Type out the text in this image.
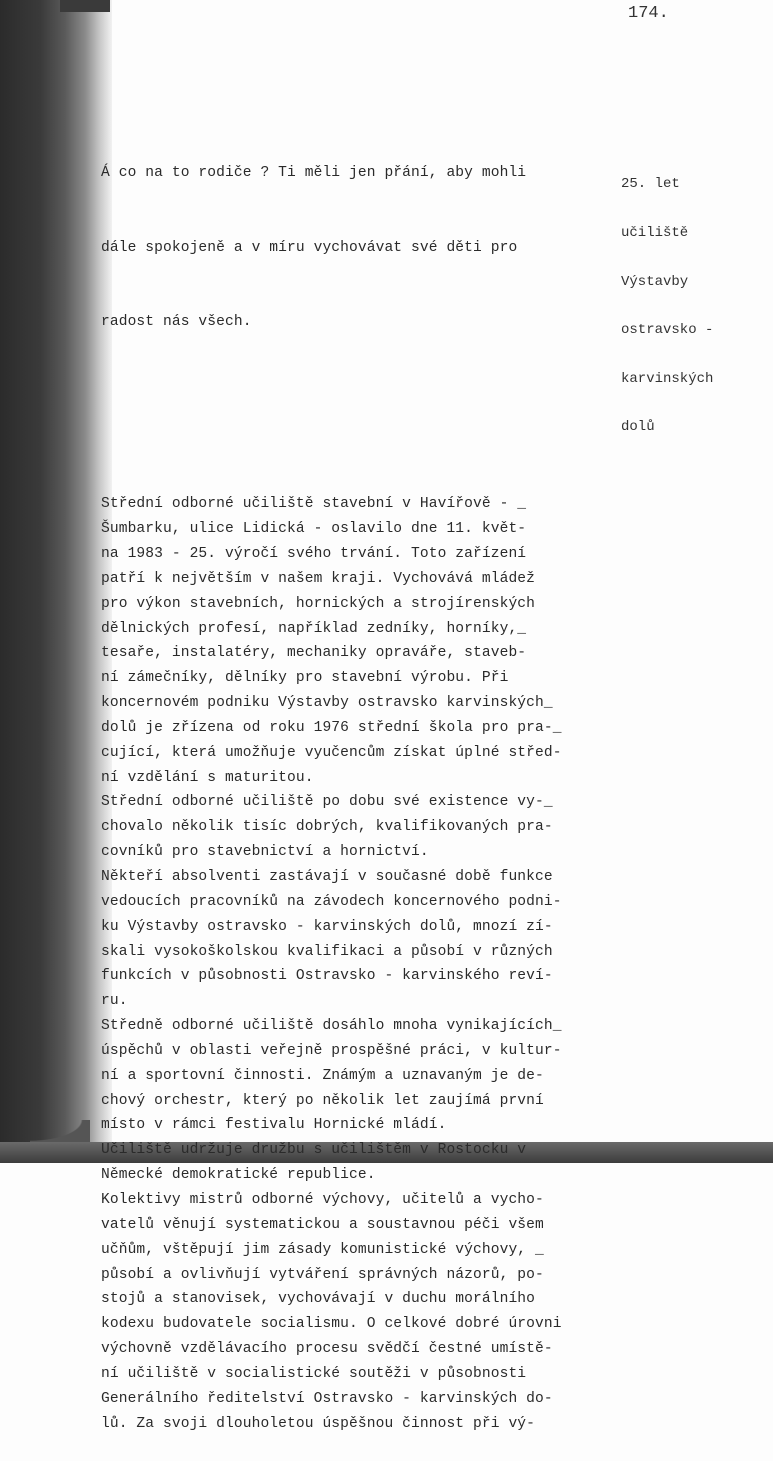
174.

Á co na to rodiče ? Ti měli jen přání, aby mohli

dále spokojeně a v míru vychovávat své děti pro

radost nás všech.

Střední odborné učiliště stavební v Havířově - _
Šumbarku, ulice Lidická - oslavilo dne 11. květ-
na 1983 - 25. výročí svého trvání. Toto zařízení
patří k největším v našem kraji. Vychovává mládež
pro výkon stavebních, hornických a strojírenských
dělnických profesí, například zedníky, horníky,_
tesaře, instalatéry, mechaniky opraváře, staveb-
ní zámečníky, dělníky pro stavební výrobu. Při
koncernovém podniku Výstavby ostravsko karvinských_
dolů je zřízena od roku 1976 střední škola pro pra-_
cující, která umožňuje vyučencům získat úplné střed-
ní vzdělání s maturitou.
Střední odborné učiliště po dobu své existence vy-_
chovalo několik tisíc dobrých, kvalifikovaných pra-
covníků pro stavebnictví a hornictví.
Někteří absolventi zastávají v současné době funkce
vedoucích pracovníků na závodech koncernového podni-
ku Výstavby ostravsko - karvinských dolů, mnozí zí-
skali vysokoškolskou kvalifikaci a působí v různých
funkcích v působnosti Ostravsko - karvinského reví-
ru.
Středně odborné učiliště dosáhlo mnoha vynikajících_
úspěchů v oblasti veřejně prospěšné práci, v kultur-
ní a sportovní činnosti. Známým a uznavaným je de-
chový orchestr, který po několik let zaujímá první
místo v rámci festivalu Hornické mládí.
Učiliště udržuje družbu s učilištěm v Rostocku v
Německé demokratické republice.
Kolektivy mistrů odborné výchovy, učitelů a vycho-
vatelů věnují systematickou a soustavnou péči všem
učňům, vštěpují jim zásady komunistické výchovy, _
působí a ovlivňují vytváření správných názorů, po-
stojů a stanovisek, vychovávají v duchu morálního
kodexu budovatele socialismu. O celkové dobré úrovni
výchovně vzdělávacího procesu svědčí čestné umístě-
ní učiliště v socialistické soutěži v působnosti
Generálního ředitelství Ostravsko - karvinských do-
lů. Za svoji dlouholetou úspěšnou činnost při vý-

25. let

učiliště

Výstavby

ostravsko -

karvinských

dolů
